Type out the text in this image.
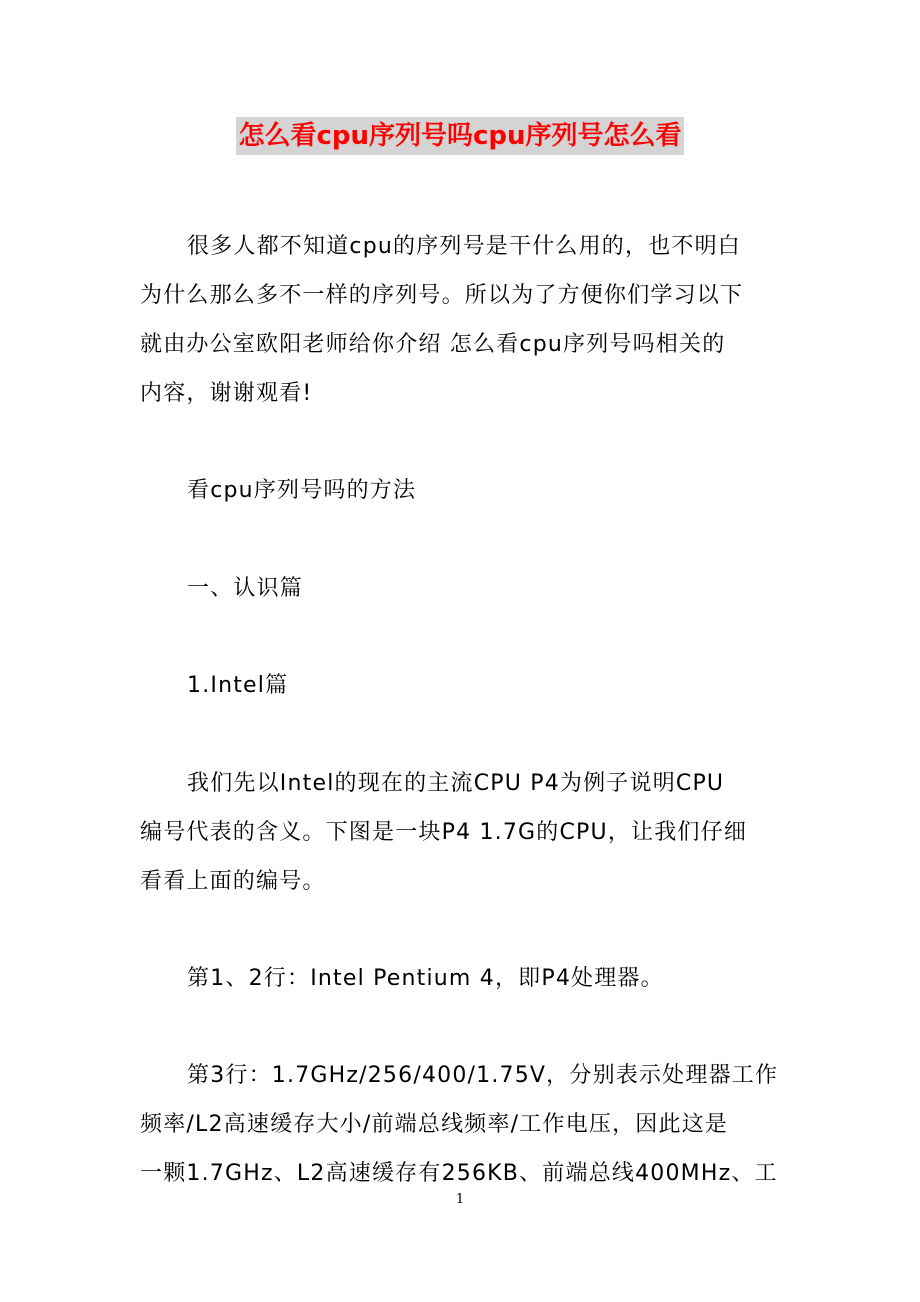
怎么看cpu序列号吗cpu序列号怎么看
很多人都不知道cpu的序列号是干什么用的，也不明白
为什么那么多不一样的序列号。所以为了方便你们学习以下
就由办公室欧阳老师给你介绍 怎么看cpu序列号吗相关的
内容，谢谢观看!
看cpu序列号吗的方法
一、认识篇
1.Intel篇
我们先以Intel的现在的主流CPU P4为例子说明CPU
编号代表的含义。下图是一块P4 1.7G的CPU，让我们仔细
看看上面的编号。
第1、2行：Intel Pentium 4，即P4处理器。
第3行：1.7GHz/256/400/1.75V，分别表示处理器工作
频率/L2高速缓存大小/前端总线频率/工作电压，因此这是
一颗1.7GHz、L2高速缓存有256KB、前端总线400MHz、工
1
